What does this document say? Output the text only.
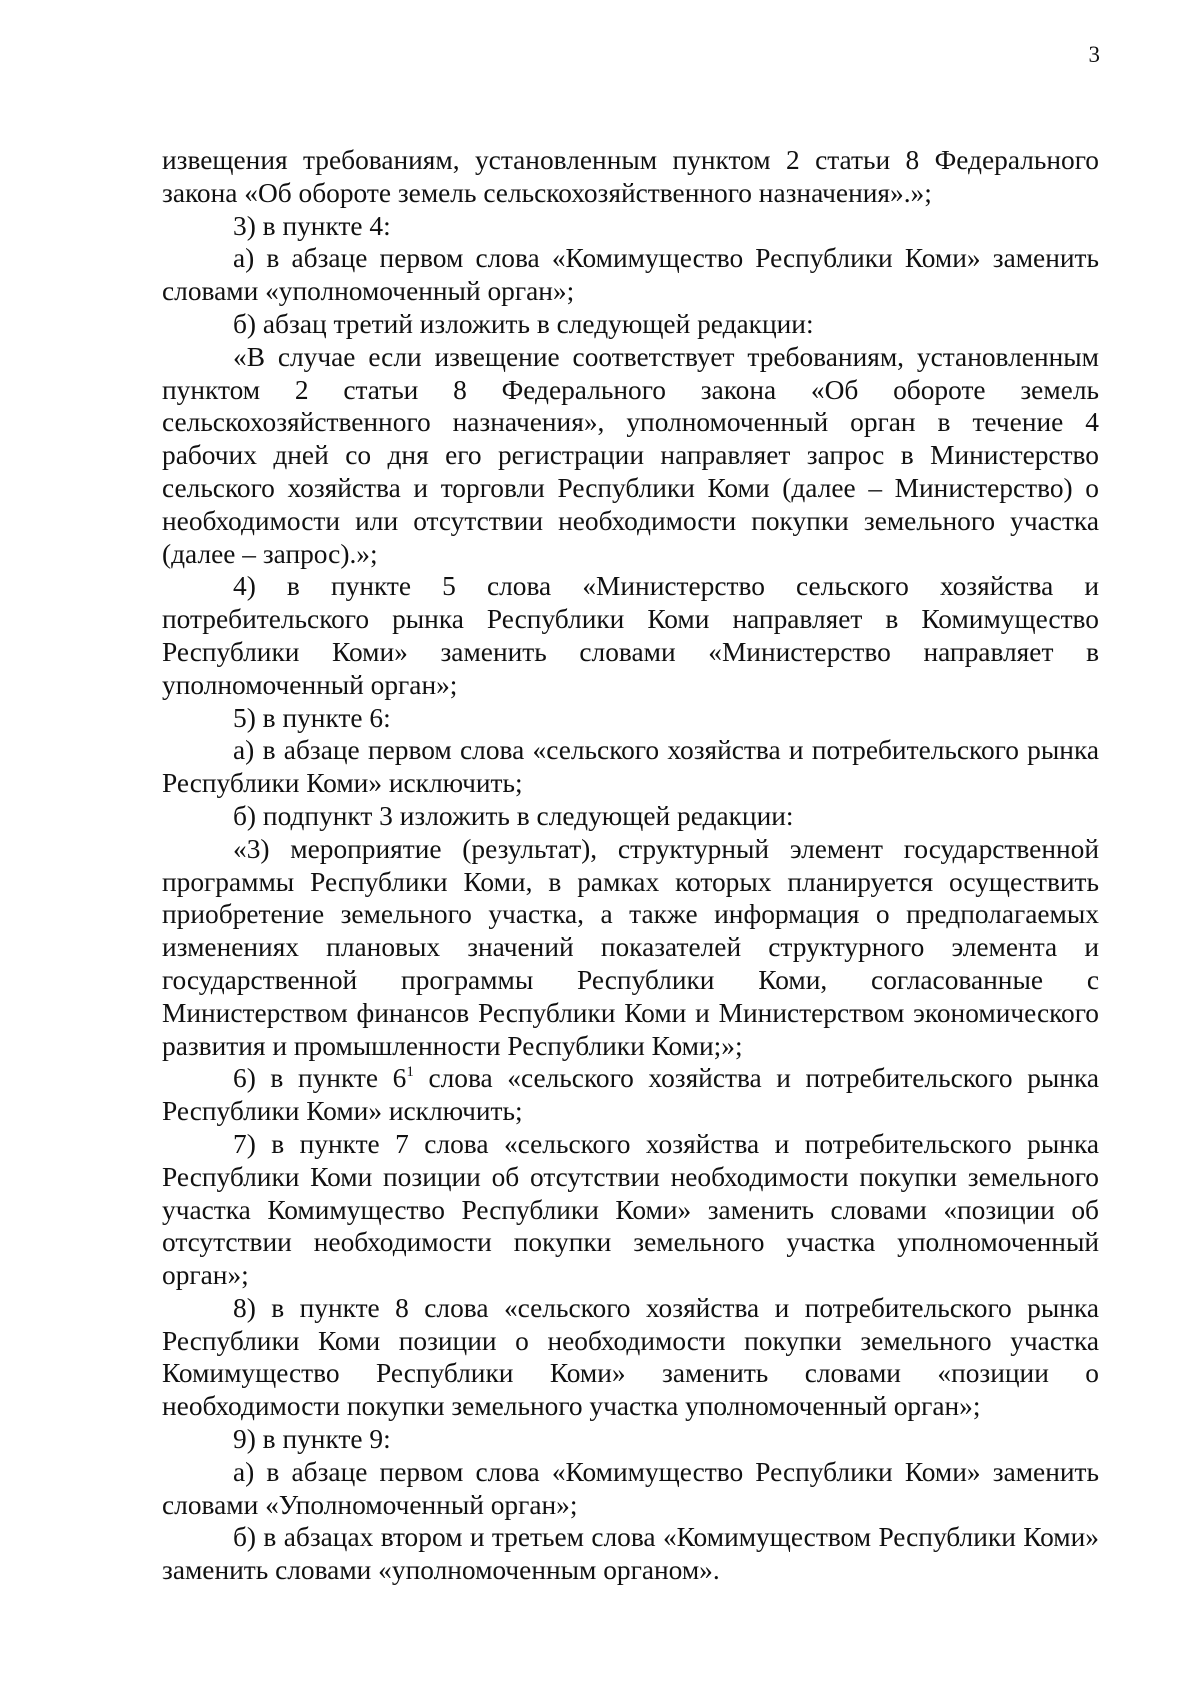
3

извещения требованиям, установленным пунктом 2 статьи 8 Федерального закона «Об обороте земель сельскохозяйственного назначения».»;

3) в пункте 4:

а) в абзаце первом слова «Комимущество Республики Коми» заменить словами «уполномоченный орган»;

б) абзац третий изложить в следующей редакции:

«В случае если извещение соответствует требованиям, установленным пунктом 2 статьи 8 Федерального закона «Об обороте земель сельскохозяйственного назначения», уполномоченный орган в течение 4 рабочих дней со дня его регистрации направляет запрос в Министерство сельского хозяйства и торговли Республики Коми (далее – Министерство) о необходимости или отсутствии необходимости покупки земельного участка (далее – запрос).»;

4) в пункте 5 слова «Министерство сельского хозяйства и потребительского рынка Республики Коми направляет в Комимущество Республики Коми» заменить словами «Министерство направляет в уполномоченный орган»;

5) в пункте 6:

а) в абзаце первом слова «сельского хозяйства и потребительского рынка Республики Коми» исключить;

б) подпункт 3 изложить в следующей редакции:

«3) мероприятие (результат), структурный элемент государственной программы Республики Коми, в рамках которых планируется осуществить приобретение земельного участка, а также информация о предполагаемых изменениях плановых значений показателей структурного элемента и государственной программы Республики Коми, согласованные с Министерством финансов Республики Коми и Министерством экономического развития и промышленности Республики Коми;»;

6) в пункте $6^1$ слова «сельского хозяйства и потребительского рынка Республики Коми» исключить;

7) в пункте 7 слова «сельского хозяйства и потребительского рынка Республики Коми позиции об отсутствии необходимости покупки земельного участка Комимущество Республики Коми» заменить словами «позиции об отсутствии необходимости покупки земельного участка уполномоченный орган»;

8) в пункте 8 слова «сельского хозяйства и потребительского рынка Республики Коми позиции о необходимости покупки земельного участка Комимущество Республики Коми» заменить словами «позиции о необходимости покупки земельного участка уполномоченный орган»;

9) в пункте 9:

а) в абзаце первом слова «Комимущество Республики Коми» заменить словами «Уполномоченный орган»;

б) в абзацах втором и третьем слова «Комимуществом Республики Коми» заменить словами «уполномоченным органом».
